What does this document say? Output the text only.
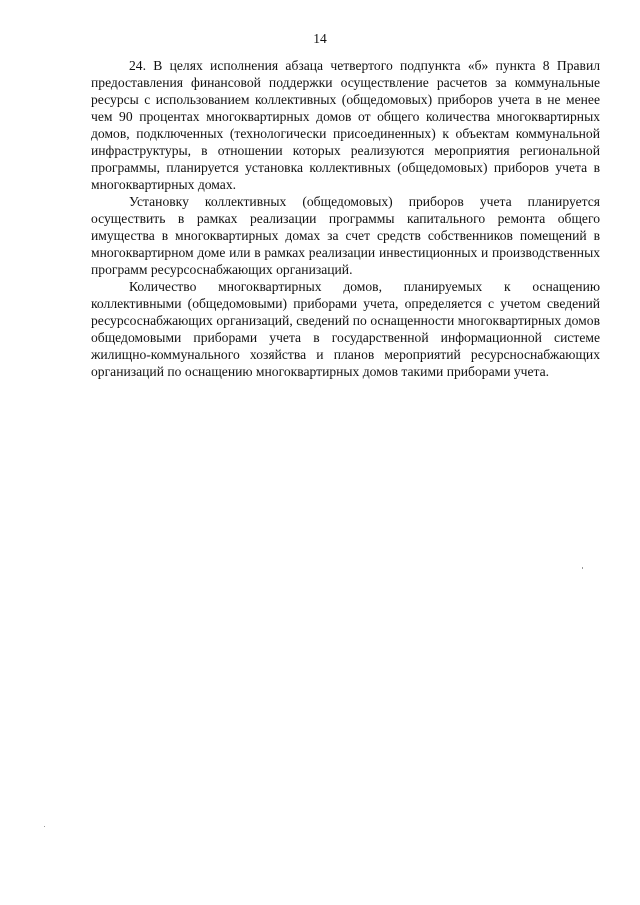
14

24. В целях исполнения абзаца четвертого подпункта «б» пункта 8 Правил предоставления финансовой поддержки осуществление расчетов за коммунальные ресурсы с использованием коллективных (общедомовых) приборов учета в не менее чем 90 процентах многоквартирных домов от общего количества многоквартирных домов, подключенных (технологически присоединенных) к объектам коммунальной инфраструктуры, в отношении которых реализуются мероприятия региональной программы, планируется установка коллективных (общедомовых) приборов учета в многоквартирных домах.

Установку коллективных (общедомовых) приборов учета планируется осуществить в рамках реализации программы капитального ремонта общего имущества в многоквартирных домах за счет средств собственников помещений в многоквартирном доме или в рамках реализации инвестиционных и производственных программ ресурсоснабжающих организаций.

Количество многоквартирных домов, планируемых к оснащению коллективными (общедомовыми) приборами учета, определяется с учетом сведений ресурсоснабжающих организаций, сведений по оснащенности многоквартирных домов общедомовыми приборами учета в государственной информационной системе жилищно-коммунального хозяйства и планов мероприятий ресурсноснабжающих организаций по оснащению многоквартирных домов такими приборами учета.
